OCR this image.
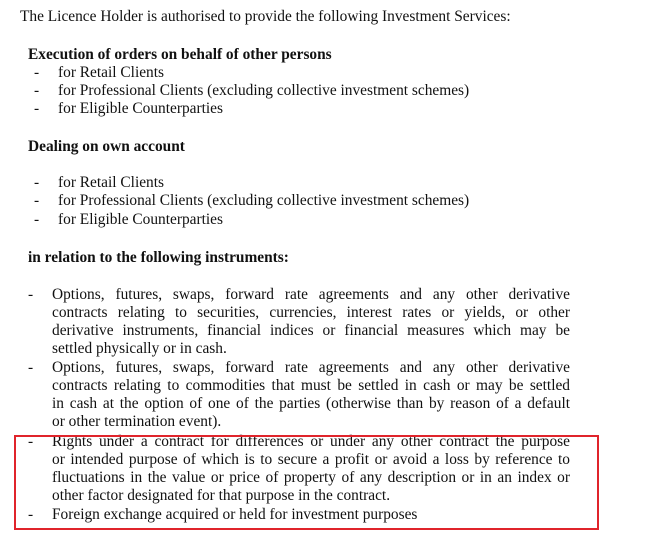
The Licence Holder is authorised to provide the following Investment Services:
Execution of orders on behalf of other persons
- for Retail Clients
- for Professional Clients (excluding collective investment schemes)
- for Eligible Counterparties
Dealing on own account
- for Retail Clients
- for Professional Clients (excluding collective investment schemes)
- for Eligible Counterparties
in relation to the following instruments:
- Options, futures, swaps, forward rate agreements and any other derivative
contracts relating to securities, currencies, interest rates or yields, or other
derivative instruments, financial indices or financial measures which may be
settled physically or in cash.
- Options, futures, swaps, forward rate agreements and any other derivative
contracts relating to commodities that must be settled in cash or may be settled
in cash at the option of one of the parties (otherwise than by reason of a default
or other termination event).
- Rights under a contract for differences or under any other contract the purpose
or intended purpose of which is to secure a profit or avoid a loss by reference to
fluctuations in the value or price of property of any description or in an index or
other factor designated for that purpose in the contract.
- Foreign exchange acquired or held for investment purposes
